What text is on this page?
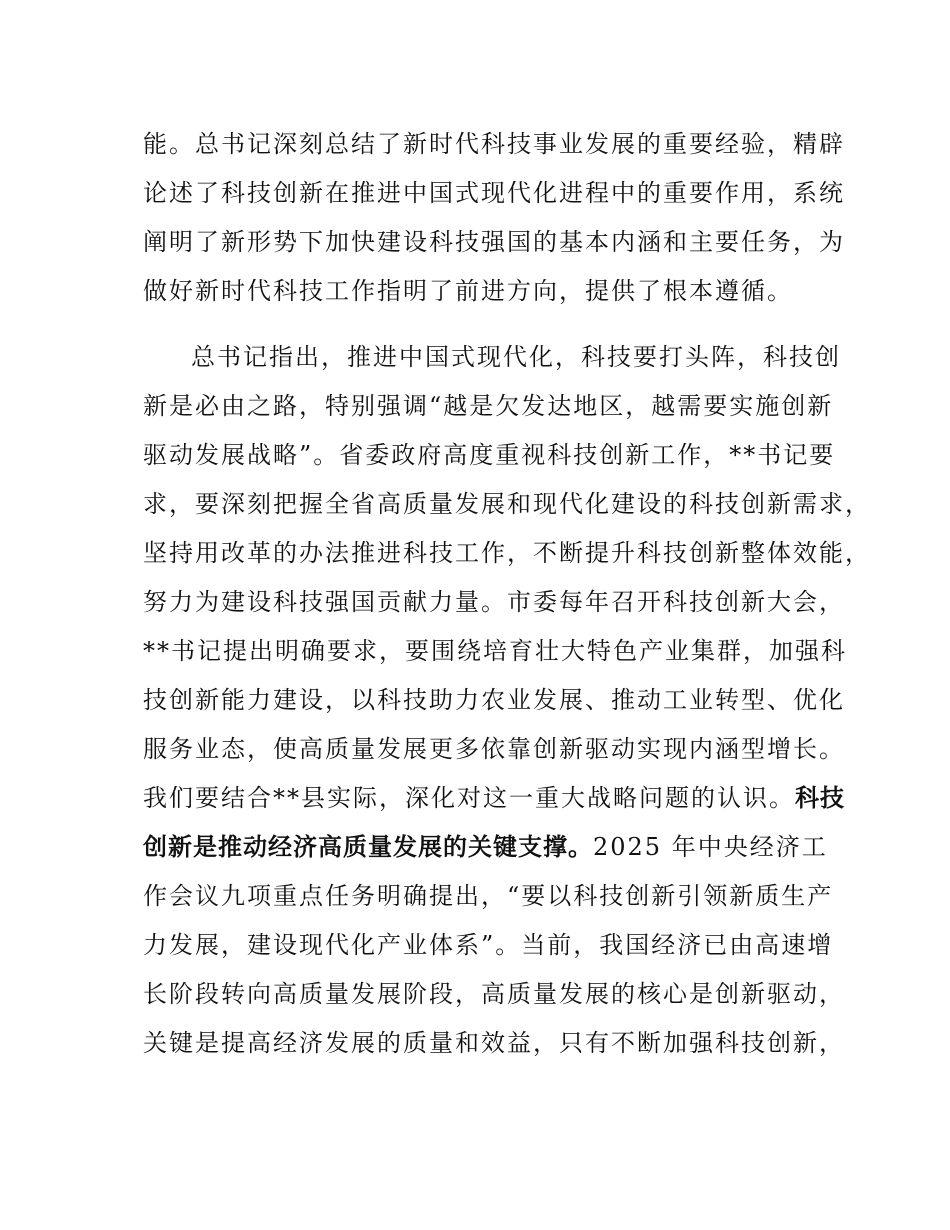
能。总书记深刻总结了新时代科技事业发展的重要经验，精辟
论述了科技创新在推进中国式现代化进程中的重要作用，系统
阐明了新形势下加快建设科技强国的基本内涵和主要任务，为
做好新时代科技工作指明了前进方向，提供了根本遵循。
总书记指出，推进中国式现代化，科技要打头阵，科技创
新是必由之路，特别强调“越是欠发达地区，越需要实施创新
驱动发展战略”。省委政府高度重视科技创新工作，**书记要
求，要深刻把握全省高质量发展和现代化建设的科技创新需求，
坚持用改革的办法推进科技工作，不断提升科技创新整体效能，
努力为建设科技强国贡献力量。市委每年召开科技创新大会，
**书记提出明确要求，要围绕培育壮大特色产业集群，加强科
技创新能力建设，以科技助力农业发展、推动工业转型、优化
服务业态，使高质量发展更多依靠创新驱动实现内涵型增长。
我们要结合**县实际，深化对这一重大战略问题的认识。科技
创新是推动经济高质量发展的关键支撑。2025 年中央经济工
作会议九项重点任务明确提出，“要以科技创新引领新质生产
力发展，建设现代化产业体系”。当前，我国经济已由高速增
长阶段转向高质量发展阶段，高质量发展的核心是创新驱动，
关键是提高经济发展的质量和效益，只有不断加强科技创新，
